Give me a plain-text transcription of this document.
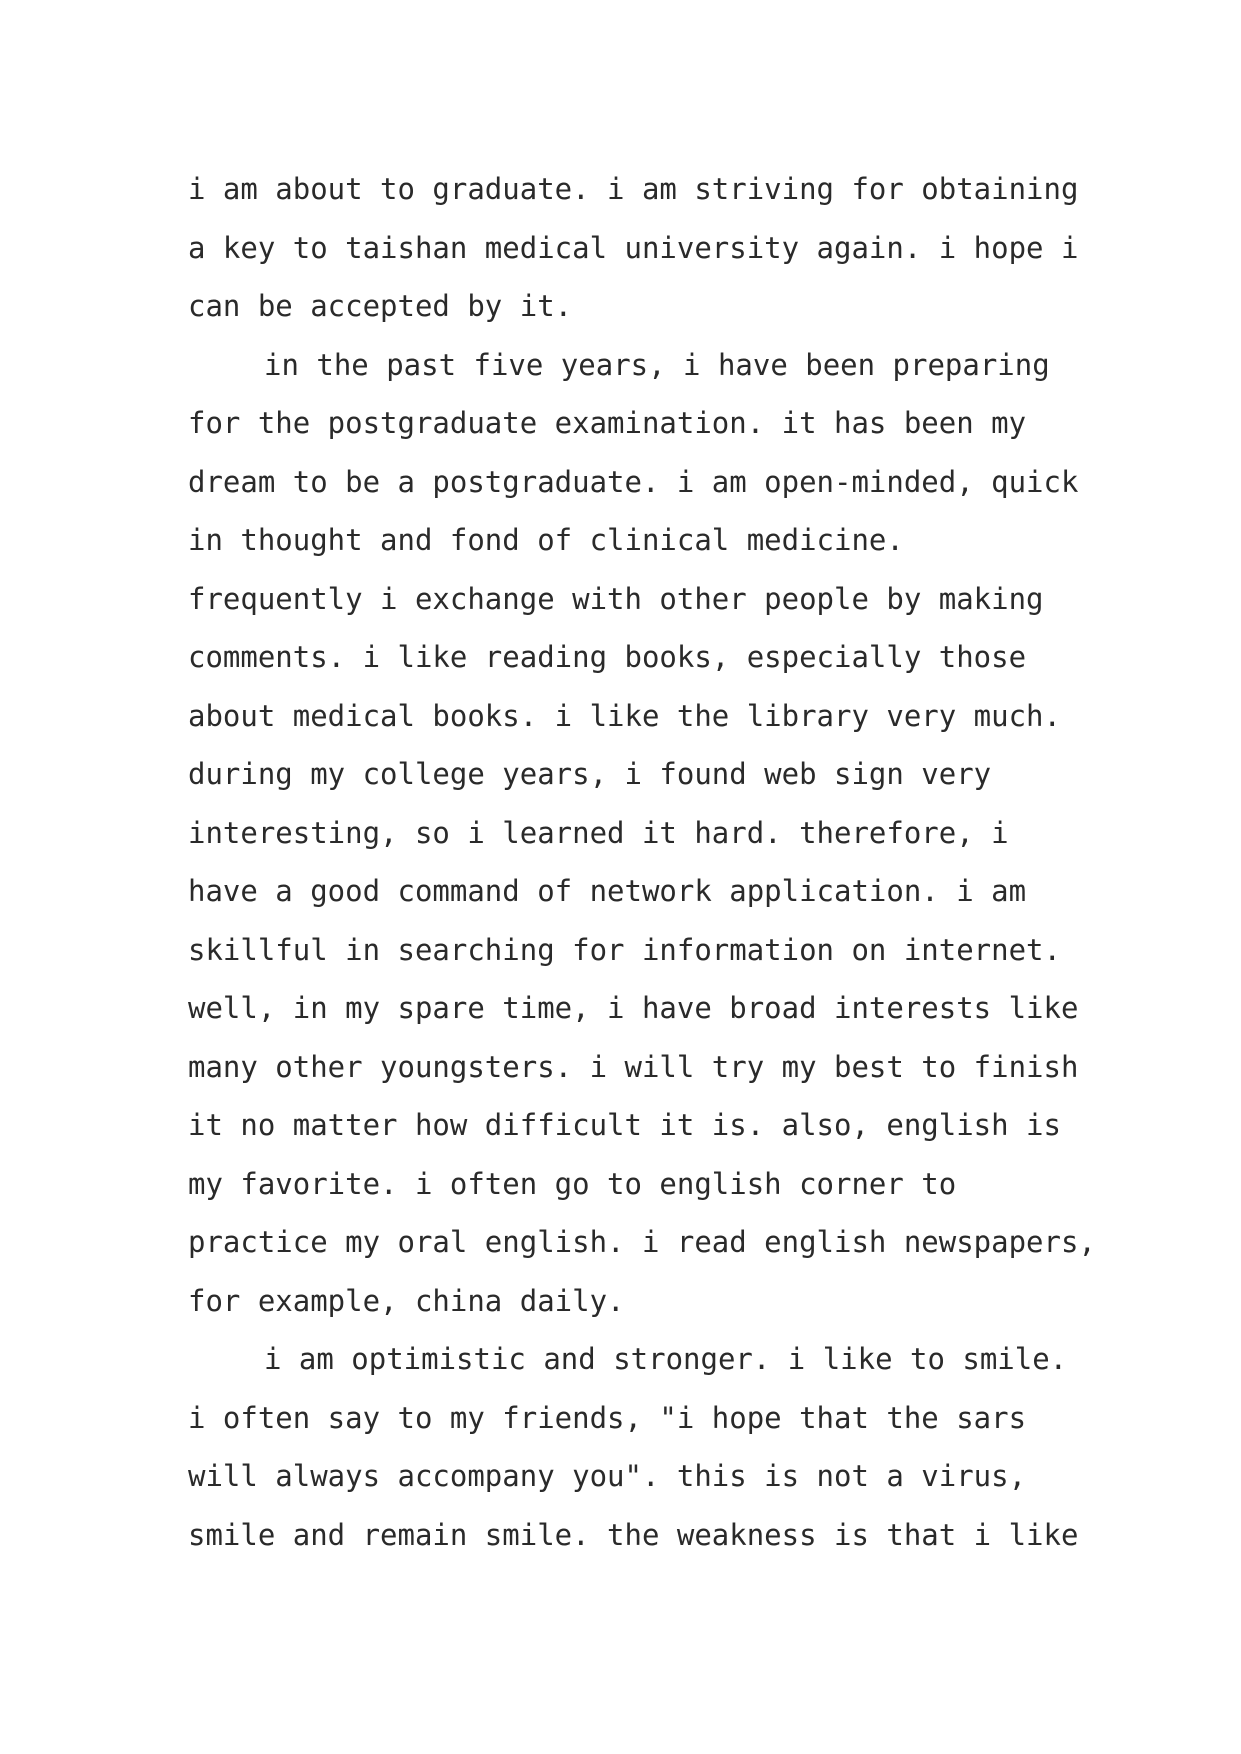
i am about to graduate. i am striving for obtaining
a key to taishan medical university again. i hope i
can be accepted by it.
in the past five years, i have been preparing
for the postgraduate examination. it has been my
dream to be a postgraduate. i am open-minded, quick
in thought and fond of clinical medicine.
frequently i exchange with other people by making
comments. i like reading books, especially those
about medical books. i like the library very much.
during my college years, i found web sign very
interesting, so i learned it hard. therefore, i
have a good command of network application. i am
skillful in searching for information on internet.
well, in my spare time, i have broad interests like
many other youngsters. i will try my best to finish
it no matter how difficult it is. also, english is
my favorite. i often go to english corner to
practice my oral english. i read english newspapers,
for example, china daily.
i am optimistic and stronger. i like to smile.
i often say to my friends, "i hope that the sars
will always accompany you". this is not a virus,
smile and remain smile. the weakness is that i like
